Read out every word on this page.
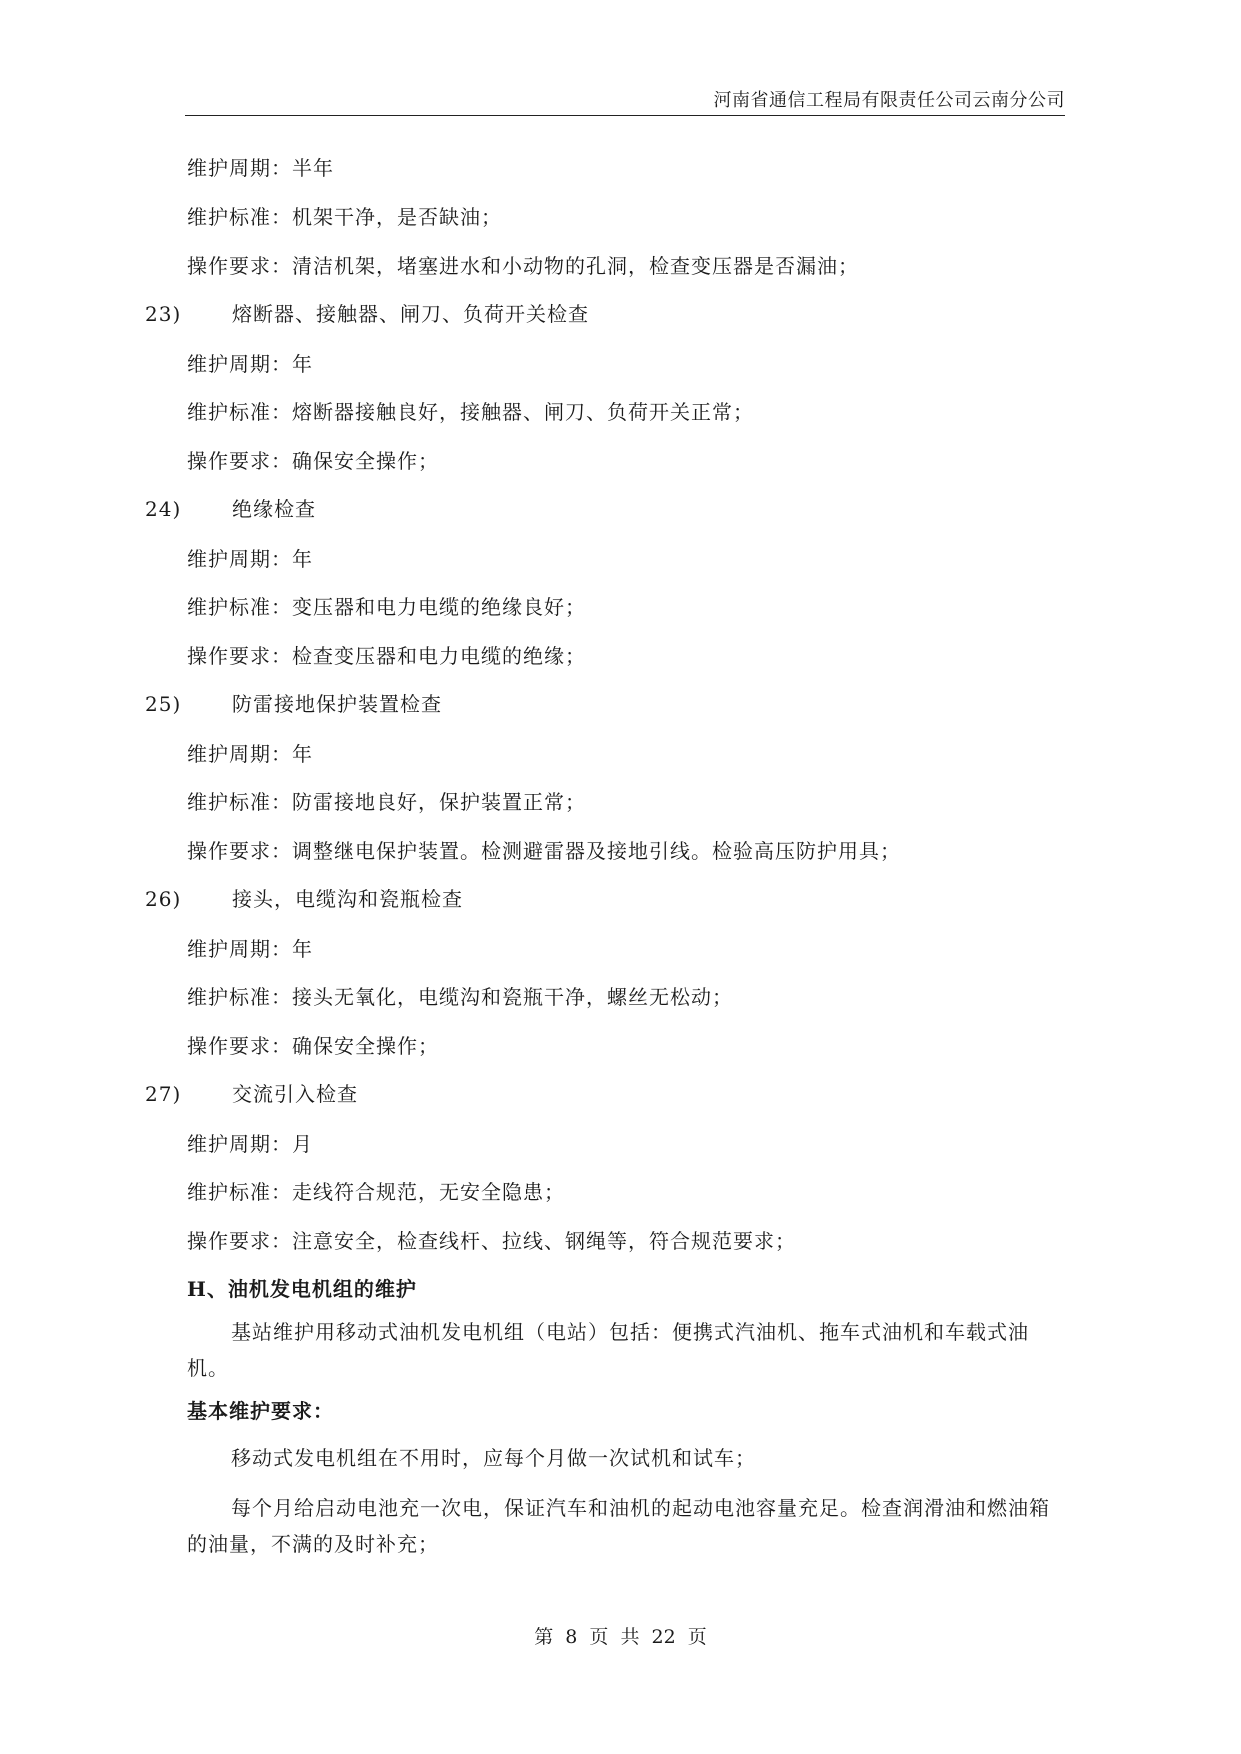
河南省通信工程局有限责任公司云南分公司
维护周期：半年
维护标准：机架干净，是否缺油；
操作要求：清洁机架，堵塞进水和小动物的孔洞，检查变压器是否漏油；
23)	熔断器、接触器、闸刀、负荷开关检查
维护周期：年
维护标准：熔断器接触良好，接触器、闸刀、负荷开关正常；
操作要求：确保安全操作；
24)	绝缘检查
维护周期：年
维护标准：变压器和电力电缆的绝缘良好；
操作要求：检查变压器和电力电缆的绝缘；
25)	防雷接地保护装置检查
维护周期：年
维护标准：防雷接地良好，保护装置正常；
操作要求：调整继电保护装置。检测避雷器及接地引线。检验高压防护用具；
26)	接头，电缆沟和瓷瓶检查
维护周期：年
维护标准：接头无氧化，电缆沟和瓷瓶干净，螺丝无松动；
操作要求：确保安全操作；
27)	交流引入检查
维护周期：月
维护标准：走线符合规范，无安全隐患；
操作要求：注意安全，检查线杆、拉线、钢绳等，符合规范要求；
H、油机发电机组的维护
基站维护用移动式油机发电机组（电站）包括：便携式汽油机、拖车式油机和车载式油机。
基本维护要求：
移动式发电机组在不用时，应每个月做一次试机和试车；
每个月给启动电池充一次电，保证汽车和油机的起动电池容量充足。检查润滑油和燃油箱的油量，不满的及时补充；
第 8 页 共 22 页
